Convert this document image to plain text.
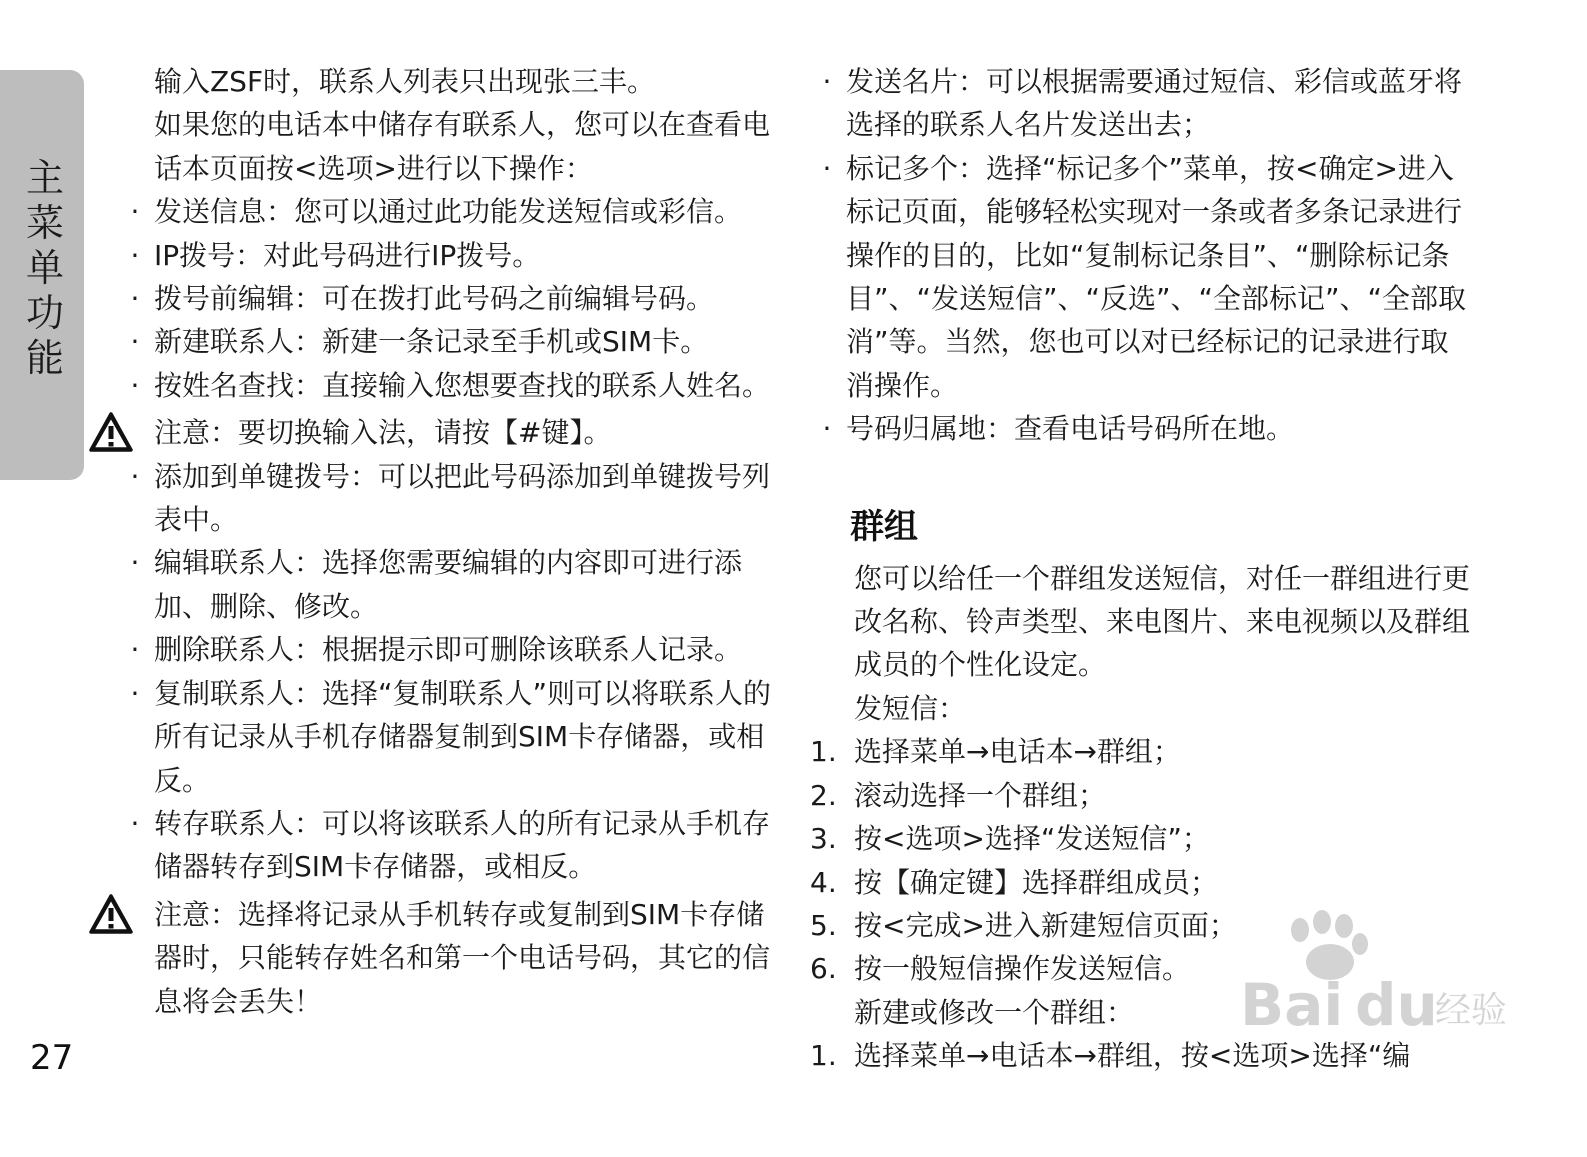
主菜单功能
27

输入ZSF时，联系人列表只出现张三丰。

如果您的电话本中储存有联系人，您可以在查看电话本页面按<选项>进行以下操作：

· 发送信息：您可以通过此功能发送短信或彩信。

· IP拨号：对此号码进行IP拨号。

· 拨号前编辑：可在拨打此号码之前编辑号码。

· 新建联系人：新建一条记录至手机或SIM卡。

· 按姓名查找：直接输入您想要查找的联系人姓名。

注意：要切换输入法，请按【#键】。

· 添加到单键拨号：可以把此号码添加到单键拨号列表中。

· 编辑联系人：选择您需要编辑的内容即可进行添加、删除、修改。

· 删除联系人：根据提示即可删除该联系人记录。

· 复制联系人：选择“复制联系人”则可以将联系人的所有记录从手机存储器复制到SIM卡存储器，或相反。

· 转存联系人：可以将该联系人的所有记录从手机存储器转存到SIM卡存储器，或相反。

注意：选择将记录从手机转存或复制到SIM卡存储器时，只能转存姓名和第一个电话号码，其它的信息将会丢失！

· 发送名片：可以根据需要通过短信、彩信或蓝牙将选择的联系人名片发送出去；

· 标记多个：选择“标记多个”菜单，按<确定>进入标记页面，能够轻松实现对一条或者多条记录进行操作的目的，比如“复制标记条目”、“删除标记条目”、“发送短信”、“反选”、“全部标记”、“全部取消”等。当然，您也可以对已经标记的记录进行取消操作。

· 号码归属地：查看电话号码所在地。

群组

您可以给任一个群组发送短信，对任一群组进行更改名称、铃声类型、来电图片、来电视频以及群组成员的个性化设定。

发短信：

1. 选择菜单→电话本→群组；

2. 滚动选择一个群组；

3. 按<选项>选择“发送短信”；

4. 按【确定键】选择群组成员；

5. 按<完成>进入新建短信页面；

6. 按一般短信操作发送短信。

新建或修改一个群组：

1. 选择菜单→电话本→群组，按<选项>选择“编

Bai du
经验
